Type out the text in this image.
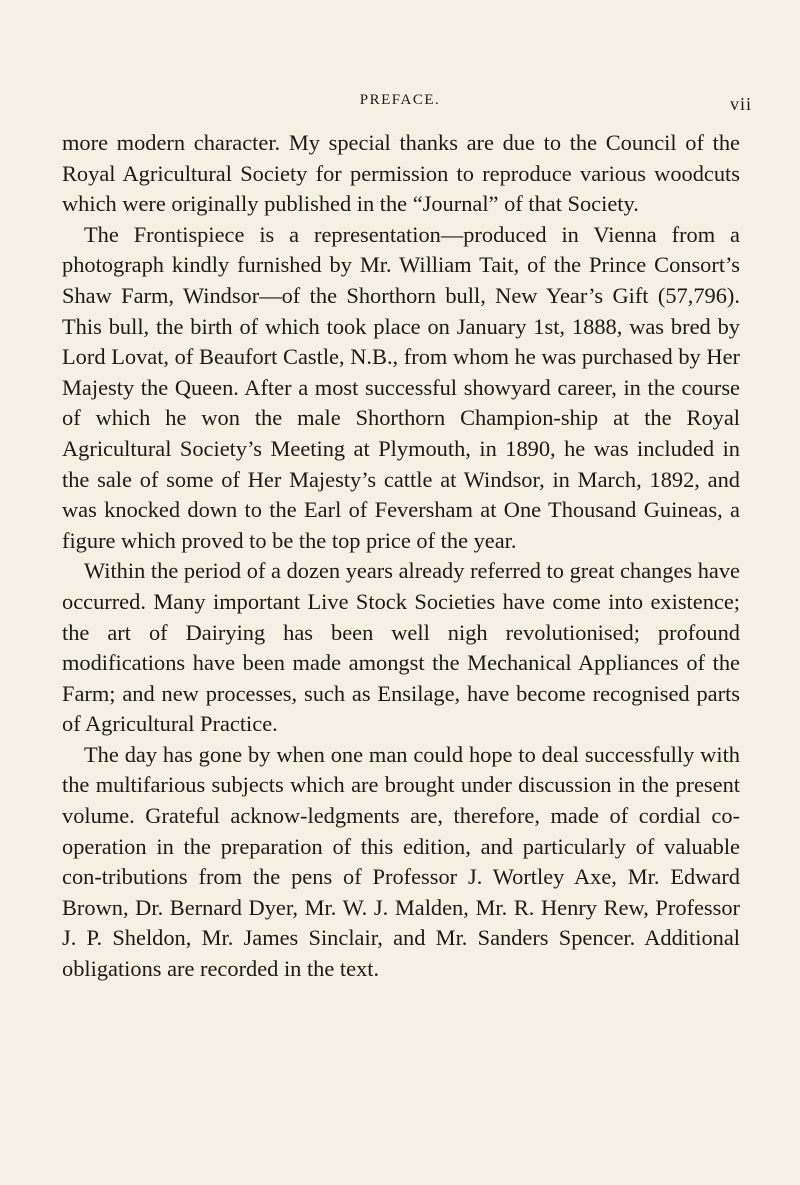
PREFACE.	vii

more modern character. My special thanks are due to the Council of the Royal Agricultural Society for permission to reproduce various woodcuts which were originally published in the “Journal” of that Society.

The Frontispiece is a representation—produced in Vienna from a photograph kindly furnished by Mr. William Tait, of the Prince Consort’s Shaw Farm, Windsor—of the Shorthorn bull, New Year’s Gift (57,796). This bull, the birth of which took place on January 1st, 1888, was bred by Lord Lovat, of Beaufort Castle, N.B., from whom he was purchased by Her Majesty the Queen. After a most successful showyard career, in the course of which he won the male Shorthorn Champion-ship at the Royal Agricultural Society’s Meeting at Plymouth, in 1890, he was included in the sale of some of Her Majesty’s cattle at Windsor, in March, 1892, and was knocked down to the Earl of Feversham at One Thousand Guineas, a figure which proved to be the top price of the year.

Within the period of a dozen years already referred to great changes have occurred. Many important Live Stock Societies have come into existence; the art of Dairying has been well nigh revolutionised; profound modifications have been made amongst the Mechanical Appliances of the Farm; and new processes, such as Ensilage, have become recognised parts of Agricultural Practice.

The day has gone by when one man could hope to deal successfully with the multifarious subjects which are brought under discussion in the present volume. Grateful acknow-ledgments are, therefore, made of cordial co-operation in the preparation of this edition, and particularly of valuable con-tributions from the pens of Professor J. Wortley Axe, Mr. Edward Brown, Dr. Bernard Dyer, Mr. W. J. Malden, Mr. R. Henry Rew, Professor J. P. Sheldon, Mr. James Sinclair, and Mr. Sanders Spencer. Additional obligations are recorded in the text.
